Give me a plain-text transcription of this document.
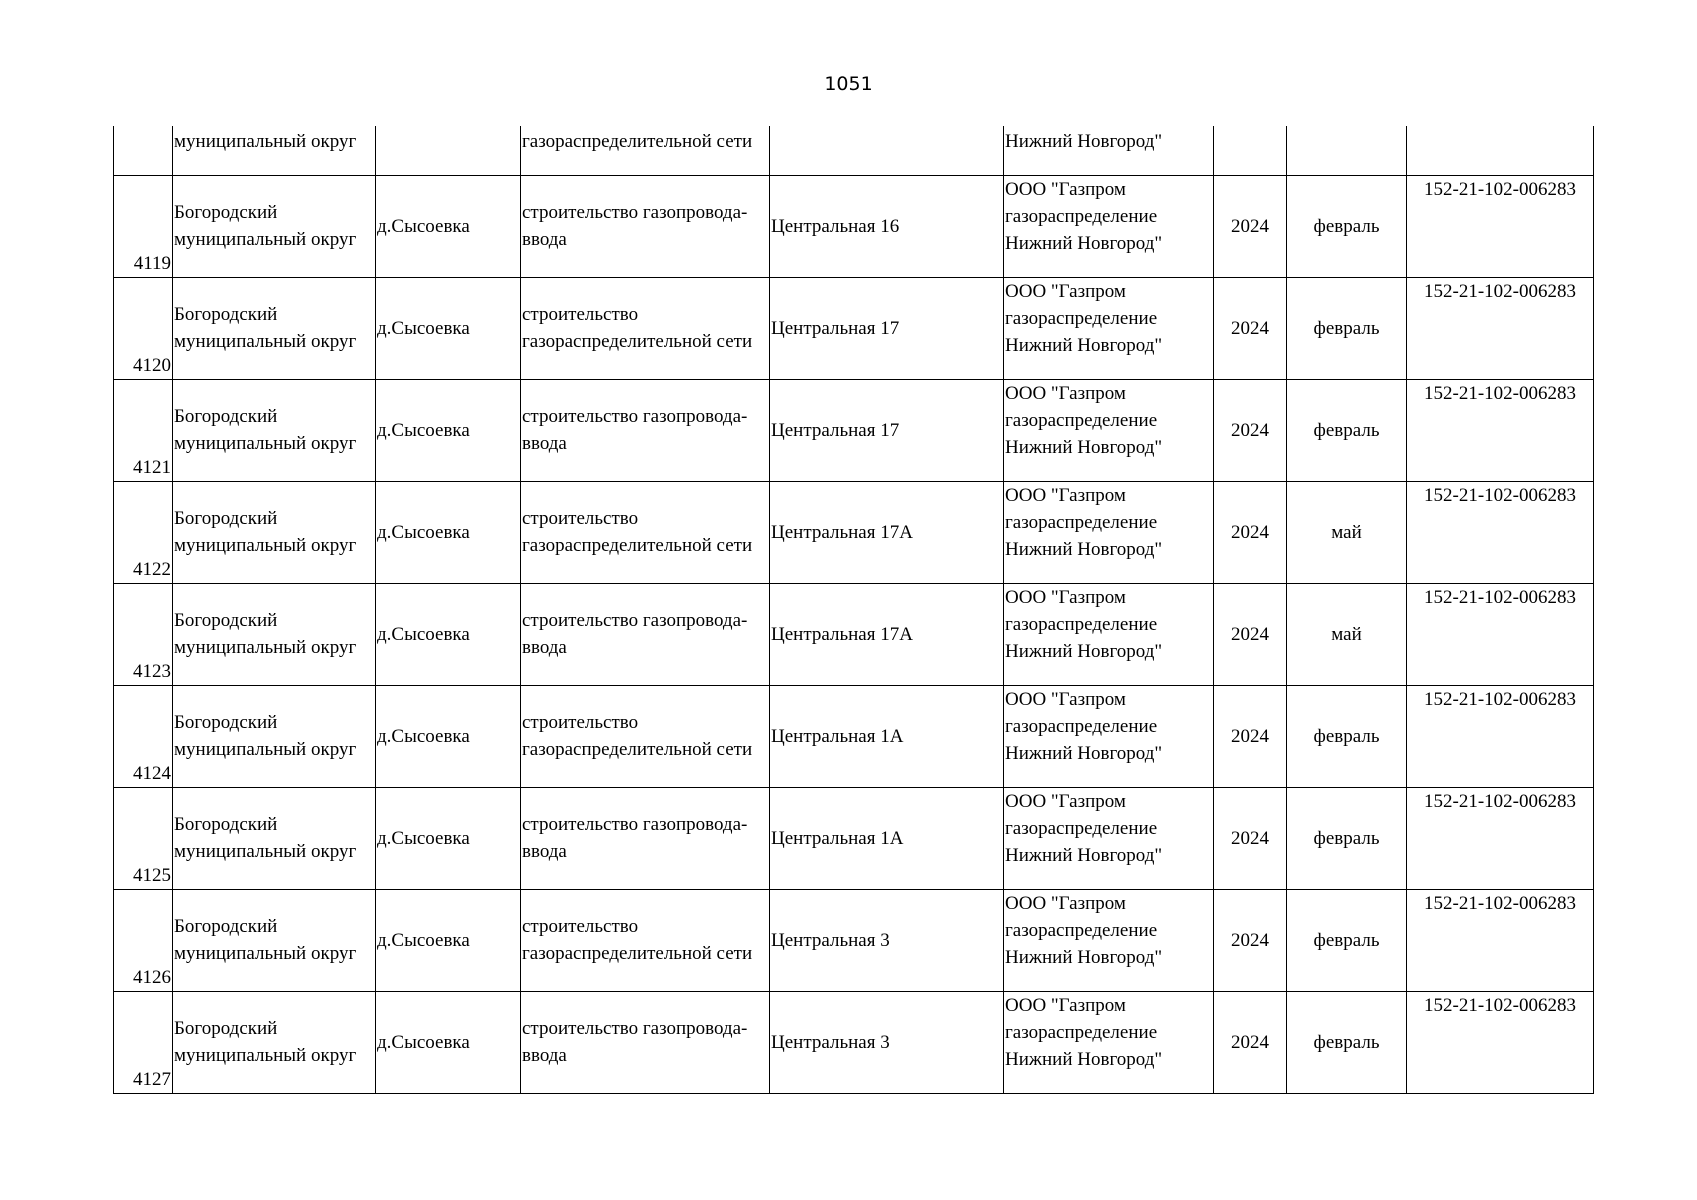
1051
	муниципальный округ		газораспределительной сети		Нижний Новгород"			
4119	Богородский
муниципальный округ	д.Сысоевка	строительство газопровода-
ввода	Центральная 16	ООО "Газпром
газораспределение
Нижний Новгород"	2024	февраль	152-21-102-006283
4120	Богородский
муниципальный округ	д.Сысоевка	строительство
газораспределительной сети	Центральная 17	ООО "Газпром
газораспределение
Нижний Новгород"	2024	февраль	152-21-102-006283
4121	Богородский
муниципальный округ	д.Сысоевка	строительство газопровода-
ввода	Центральная 17	ООО "Газпром
газораспределение
Нижний Новгород"	2024	февраль	152-21-102-006283
4122	Богородский
муниципальный округ	д.Сысоевка	строительство
газораспределительной сети	Центральная 17А	ООО "Газпром
газораспределение
Нижний Новгород"	2024	май	152-21-102-006283
4123	Богородский
муниципальный округ	д.Сысоевка	строительство газопровода-
ввода	Центральная 17А	ООО "Газпром
газораспределение
Нижний Новгород"	2024	май	152-21-102-006283
4124	Богородский
муниципальный округ	д.Сысоевка	строительство
газораспределительной сети	Центральная 1А	ООО "Газпром
газораспределение
Нижний Новгород"	2024	февраль	152-21-102-006283
4125	Богородский
муниципальный округ	д.Сысоевка	строительство газопровода-
ввода	Центральная 1А	ООО "Газпром
газораспределение
Нижний Новгород"	2024	февраль	152-21-102-006283
4126	Богородский
муниципальный округ	д.Сысоевка	строительство
газораспределительной сети	Центральная 3	ООО "Газпром
газораспределение
Нижний Новгород"	2024	февраль	152-21-102-006283
4127	Богородский
муниципальный округ	д.Сысоевка	строительство газопровода-
ввода	Центральная 3	ООО "Газпром
газораспределение
Нижний Новгород"	2024	февраль	152-21-102-006283
